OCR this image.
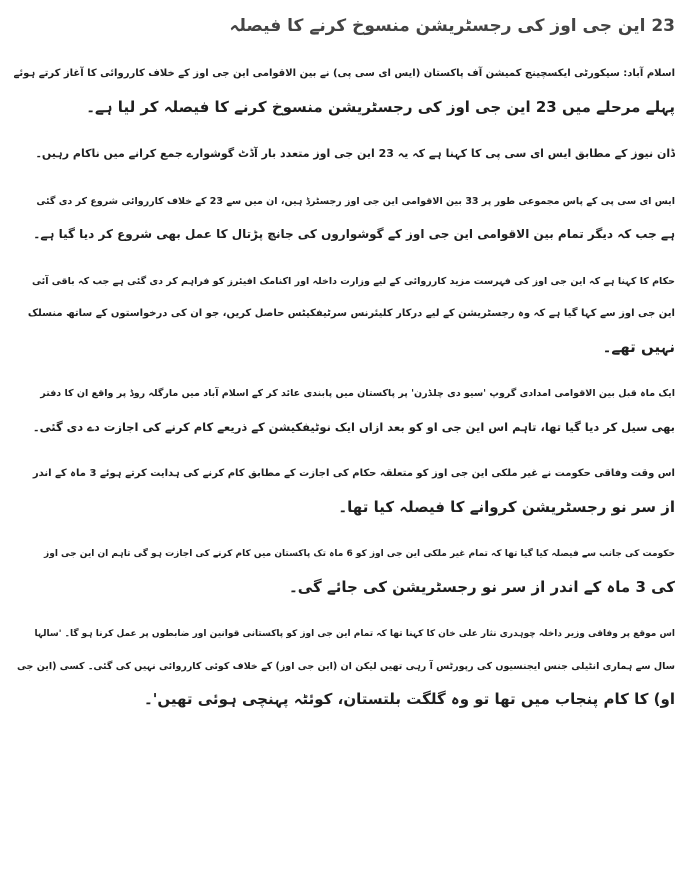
23 این جی اوز کی رجسٹریشن منسوخ کرنے کا فیصلہ

اسلام آباد: سیکورٹی ایکسچینج کمیشن آف پاکستان (ایس ای سی پی) نے بین الاقوامی این جی اوز کے خلاف کارروائی کا آغاز کرتے ہوئے
پہلے مرحلے میں 23 این جی اوز کی رجسٹریشن منسوخ کرنے کا فیصلہ کر لیا ہے۔

ڈان نیوز کے مطابق ایس ای سی پی کا کہنا ہے کہ یہ 23 این جی اوز متعدد بار آڈٹ گوشوارے جمع کرانے میں ناکام رہیں۔

ایس ای سی پی کے پاس مجموعی طور پر 33 بین الاقوامی این جی اوز رجسٹرڈ ہیں، ان میں سے 23 کے خلاف کارروائی شروع کر دی گئی
ہے جب کہ دیگر تمام بین الاقوامی این جی اوز کے گوشواروں کی جانچ پڑتال کا عمل بھی شروع کر دیا گیا ہے۔

حکام کا کہنا ہے کہ این جی اوز کی فہرست مزید کارروائی کے لیے وزارت داخلہ اور اکنامک افیئرز کو فراہم کر دی گئی ہے جب کہ باقی آئی
این جی اوز سے کہا گیا ہے کہ وہ رجسٹریشن کے لیے درکار کلیئرنس سرٹیفکیٹس حاصل کریں، جو ان کی درخواستوں کے ساتھ منسلک
نہیں تھے۔

ایک ماہ قبل بین الاقوامی امدادی گروپ 'سیو دی چلڈرن' پر پاکستان میں پابندی عائد کر کے اسلام آباد میں مارگلہ روڈ پر واقع ان کا دفتر
بھی سیل کر دیا گیا تھا، تاہم اس این جی او کو بعد ازاں ایک نوٹیفکیشن کے ذریعے کام کرنے کی اجازت دے دی گئی۔

اس وقت وفاقی حکومت نے غیر ملکی این جی اوز کو متعلقہ حکام کی اجازت کے مطابق کام کرنے کی ہدایت کرتے ہوئے 3 ماہ کے اندر
از سر نو رجسٹریشن کروانے کا فیصلہ کیا تھا۔

حکومت کی جانب سے فیصلہ کیا گیا تھا کہ تمام غیر ملکی این جی اوز کو 6 ماہ تک پاکستان میں کام کرنے کی اجازت ہو گی تاہم ان این جی اوز
کی 3 ماہ کے اندر از سر نو رجسٹریشن کی جائے گی۔

اس موقع پر وفاقی وزیر داخلہ چوہدری نثار علی خان کا کہنا تھا کہ تمام این جی اوز کو پاکستانی قوانین اور ضابطوں پر عمل کرنا ہو گا۔ 'سالہا
سال سے ہماری انٹیلی جنس ایجنسیوں کی رپورٹس آ رہی تھیں لیکن ان (این جی اوز) کے خلاف کوئی کارروائی نہیں کی گئی۔ کسی (این جی
او) کا کام پنجاب میں تھا تو وہ گلگت بلتستان، کوئٹہ پہنچی ہوئی تھیں'۔
